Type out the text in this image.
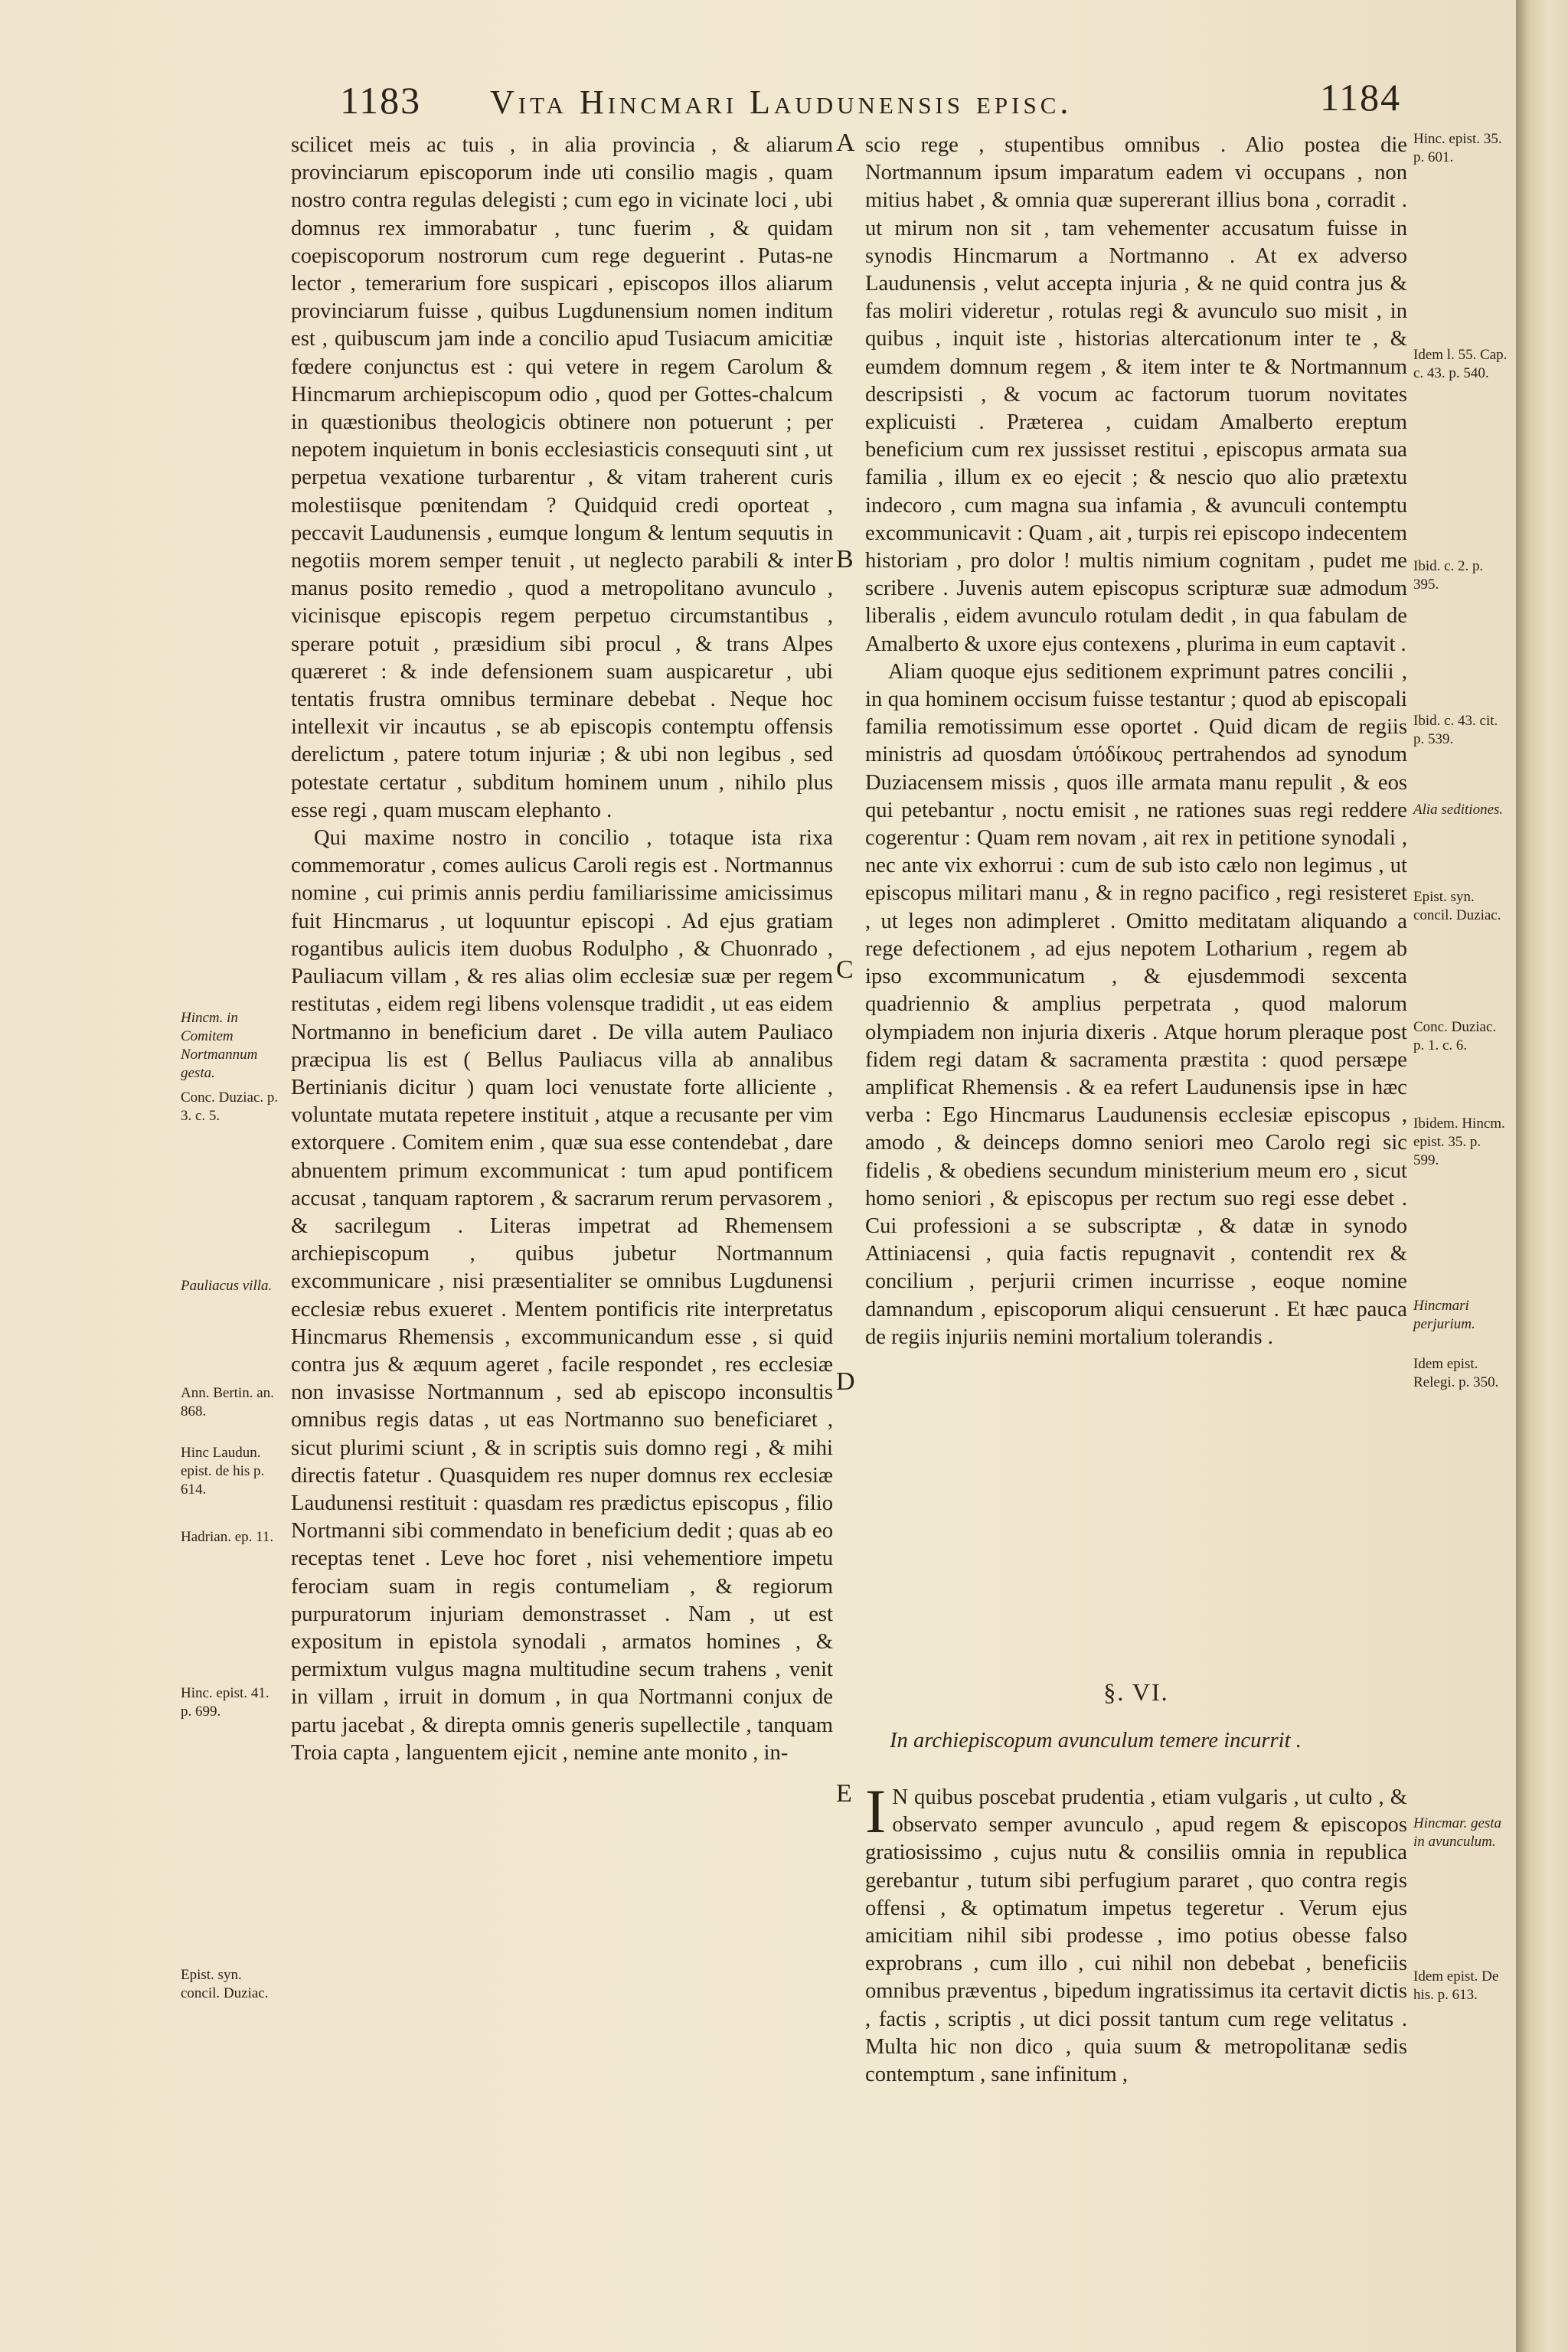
1183 Vita Hincmari Laudunensis episc.	1184

scilicet meis ac tuis , in alia provincia , & aliarum provinciarum episcoporum inde uti consilio magis , quam nostro contra regulas delegisti ; cum ego in vicinate loci , ubi domnus rex immorabatur , tunc fuerim , & quidam coepiscoporum nostrorum cum rege deguerint . Putas-ne lector , temerarium fore suspicari , episcopos illos aliarum provinciarum fuisse , quibus Lugdunensium nomen inditum est , quibuscum jam inde a concilio apud Tusiacum amicitiæ fœdere conjunctus est : qui vetere in regem Carolum & Hincmarum archiepiscopum odio , quod per Gottes-chalcum in quæstionibus theologicis obtinere non potuerunt ; per nepotem inquietum in bonis ecclesiasticis consequuti sint , ut perpetua vexatione turbarentur , & vitam traherent curis molestiisque pœnitendam ? Quidquid credi oporteat , peccavit Laudunensis , eumque longum & lentum sequutis in negotiis morem semper tenuit , ut neglecto parabili & inter manus posito remedio , quod a metropolitano avunculo , vicinisque episcopis regem perpetuo circumstantibus , sperare potuit , præsidium sibi procul , & trans Alpes quæreret : & inde defensionem suam auspicaretur , ubi tentatis frustra omnibus terminare debebat . Neque hoc intellexit vir incautus , se ab episcopis contemptu offensis derelictum , patere totum injuriæ ; & ubi non legibus , sed potestate certatur , subditum hominem unum , nihilo plus esse regi , quam muscam elephanto .

Qui maxime nostro in concilio , totaque ista rixa commemoratur , comes aulicus Caroli regis est . Nortmannus nomine , cui primis annis perdiu familiarissime amicissimus fuit Hincmarus , ut loquuntur episcopi . Ad ejus gratiam rogantibus aulicis item duobus Rodulpho , & Chuonrado , Pauliacum villam , & res alias olim ecclesiæ suæ per regem restitutas , eidem regi libens volensque tradidit , ut eas eidem Nortmanno in beneficium daret . De villa autem Pauliaco præcipua lis est ( Bellus Pauliacus villa ab annalibus Bertinianis dicitur ) quam loci venustate forte alliciente , voluntate mutata repetere instituit , atque a recusante per vim extorquere . Comitem enim , quæ sua esse contendebat , dare abnuentem primum excommunicat : tum apud pontificem accusat , tanquam raptorem , & sacrarum rerum pervasorem , & sacrilegum . Literas impetrat ad Rhemensem archiepiscopum , quibus jubetur Nortmannum excommunicare , nisi præsentialiter se omnibus Lugdunensi ecclesiæ rebus exueret . Mentem pontificis rite interpretatus Hincmarus Rhemensis , excommunicandum esse , si quid contra jus & æquum ageret , facile respondet , res ecclesiæ non invasisse Nortmannum , sed ab episcopo inconsultis omnibus regis datas , ut eas Nortmanno suo beneficiaret , sicut plurimi sciunt , & in scriptis suis domno regi , & mihi directis fatetur . Quasquidem res nuper domnus rex ecclesiæ Laudunensi restituit : quasdam res prædictus episcopus , filio Nortmanni sibi commendato in beneficium dedit ; quas ab eo receptas tenet . Leve hoc foret , nisi vehementiore impetu ferociam suam in regis contumeliam , & regiorum purpuratorum injuriam demonstrasset . Nam , ut est expositum in epistola synodali , armatos homines , & permixtum vulgus magna multitudine secum trahens , venit in villam , irruit in domum , in qua Nortmanni conjux de partu jacebat , & direpta omnis generis supellectile , tanquam Troia capta , languentem ejicit , nemine ante monito , in-

scio rege , stupentibus omnibus . Alio postea die Nortmannum ipsum imparatum eadem vi occupans , non mitius habet , & omnia quæ supererant illius bona , corradit . ut mirum non sit , tam vehementer accusatum fuisse in synodis Hincmarum a Nortmanno . At ex adverso Laudunensis , velut accepta injuria , & ne quid contra jus & fas moliri videretur , rotulas regi & avunculo suo misit , in quibus , inquit iste , historias altercationum inter te , & eumdem domnum regem , & item inter te & Nortmannum descripsisti , & vocum ac factorum tuorum novitates explicuisti . Præterea , cuidam Amalberto ereptum beneficium cum rex jussisset restitui , episcopus armata sua familia , illum ex eo ejecit ; & nescio quo alio prætextu indecoro , cum magna sua infamia , & avunculi contemptu excommunicavit : Quam , ait , turpis rei episcopo indecentem historiam , pro dolor ! multis nimium cognitam , pudet me scribere . Juvenis autem episcopus scripturæ suæ admodum liberalis , eidem avunculo rotulam dedit , in qua fabulam de Amalberto & uxore ejus contexens , plurima in eum captavit .

Aliam quoque ejus seditionem exprimunt patres concilii , in qua hominem occisum fuisse testantur ; quod ab episcopali familia remotissimum esse oportet . Quid dicam de regiis ministris ad quosdam ὑπόδίκους pertrahendos ad synodum Duziacensem missis , quos ille armata manu repulit , & eos qui petebantur , noctu emisit , ne rationes suas regi reddere cogerentur : Quam rem novam , ait rex in petitione synodali , nec ante vix exhorrui : cum de sub isto cælo non legimus , ut episcopus militari manu , & in regno pacifico , regi resisteret , ut leges non adimpleret . Omitto meditatam aliquando a rege defectionem , ad ejus nepotem Lotharium , regem ab ipso excommunicatum , & ejusdemmodi sexcenta quadriennio & amplius perpetrata , quod malorum olympiadem non injuria dixeris . Atque horum pleraque post fidem regi datam & sacramenta præstita : quod persæpe amplificat Rhemensis . & ea refert Laudunensis ipse in hæc verba : Ego Hincmarus Laudunensis ecclesiæ episcopus , amodo , & deinceps domno seniori meo Carolo regi sic fidelis , & obediens secundum ministerium meum ero , sicut homo seniori , & episcopus per rectum suo regi esse debet . Cui professioni a se subscriptæ , & datæ in synodo Attiniacensi , quia factis repugnavit , contendit rex & concilium , perjurii crimen incurrisse , eoque nomine damnandum , episcoporum aliqui censuerunt . Et hæc pauca de regiis injuriis nemini mortalium tolerandis .

§. VI.
In archiepiscopum avunculum temere incurrit .

I N quibus poscebat prudentia , etiam vulgaris , ut culto , & observato semper avunculo , apud regem & episcopos gratiosissimo , cujus nutu & consiliis omnia in republica gerebantur , tutum sibi perfugium pararet , quo contra regis offensi , & optimatum impetus tegeretur . Verum ejus amicitiam nihil sibi prodesse , imo potius obesse falso exprobrans , cum illo , cui nihil non debebat , beneficiis omnibus præventus , bipedum ingratissimus ita certavit dictis , factis , scriptis , ut dici possit tantum cum rege velitatus . Multa hic non dico , quia suum & metropolitanæ sedis contemptum , sane infinitum ,

A
B
C
D
E
Hincm. in Comitem Nortmannum gesta.
Conc. Duziac. p. 3. c. 5.
Pauliacus villa.
Ann. Bertin. an. 868.
Hinc Laudun. epist. de his p. 614.
Hadrian. ep. 11.
Hinc. epist. 41. p. 699.
Epist. syn. concil. Duziac.
Hinc. epist. 35. p. 601.
Idem l. 55. Cap. c. 43. p. 540.
Ibid. c. 2. p. 395.
Ibid. c. 43. cit. p. 539.
Alia seditiones.
Epist. syn. concil. Duziac.
Conc. Duziac. p. 1. c. 6.
Ibidem. Hincm. epist. 35. p. 599.
Hincmari perjurium.
Idem epist. Relegi. p. 350.
Hincmar. gesta in avunculum.
Idem epist. De his. p. 613.
